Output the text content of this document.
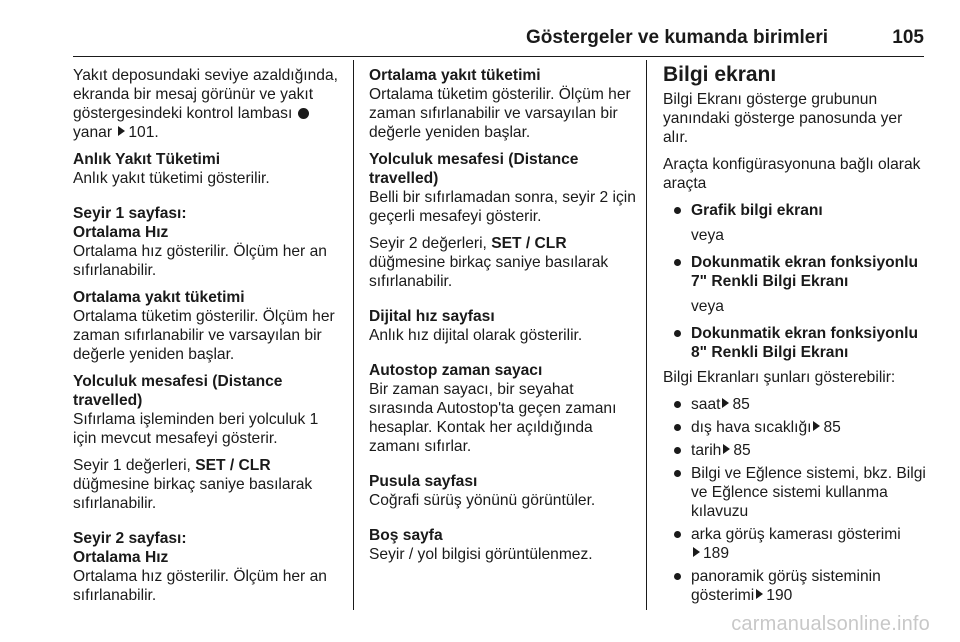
Göstergeler ve kumanda birimleri	105

Yakıt deposundaki seviye azaldığında, ekranda bir mesaj görünür ve yakıt göstergesindeki kontrol lambası  yanar 101.

Anlık Yakıt Tüketimi

Anlık yakıt tüketimi gösterilir.

Seyir 1 sayfası:
Ortalama Hız

Ortalama hız gösterilir. Ölçüm her an sıfırlanabilir.

Ortalama yakıt tüketimi

Ortalama tüketim gösterilir. Ölçüm her zaman sıfırlanabilir ve varsayılan bir değerle yeniden başlar.

Yolculuk mesafesi (Distance travelled)

Sıfırlama işleminden beri yolculuk 1 için mevcut mesafeyi gösterir.

Seyir 1 değerleri, SET / CLR düğmesine birkaç saniye basılarak sıfırlanabilir.

Seyir 2 sayfası:
Ortalama Hız

Ortalama hız gösterilir. Ölçüm her an sıfırlanabilir.

Ortalama yakıt tüketimi

Ortalama tüketim gösterilir. Ölçüm her zaman sıfırlanabilir ve varsayılan bir değerle yeniden başlar.

Yolculuk mesafesi (Distance travelled)

Belli bir sıfırlamadan sonra, seyir 2 için geçerli mesafeyi gösterir.

Seyir 2 değerleri, SET / CLR düğmesine birkaç saniye basılarak sıfırlanabilir.

Dijital hız sayfası

Anlık hız dijital olarak gösterilir.

Autostop zaman sayacı

Bir zaman sayacı, bir seyahat sırasında Autostop'ta geçen zamanı hesaplar. Kontak her açıldığında zamanı sıfırlar.

Pusula sayfası

Coğrafi sürüş yönünü görüntüler.

Boş sayfa

Seyir / yol bilgisi görüntülenmez.

Bilgi ekranı

Bilgi Ekranı gösterge grubunun yanındaki gösterge panosunda yer alır.

Araçta konfigürasyonuna bağlı olarak araçta

Grafik bilgi ekranı

veya

Dokunmatik ekran fonksiyonlu 7" Renkli Bilgi Ekranı

veya

Dokunmatik ekran fonksiyonlu 8" Renkli Bilgi Ekranı

Bilgi Ekranları şunları gösterebilir:

saat 85
dış hava sıcaklığı 85
tarih 85
Bilgi ve Eğlence sistemi, bkz. Bilgi ve Eğlence sistemi kullanma kılavuzu
arka görüş kamerası gösterimi
189
panoramik görüş sisteminin gösterimi 190
carmanualsonline.info
